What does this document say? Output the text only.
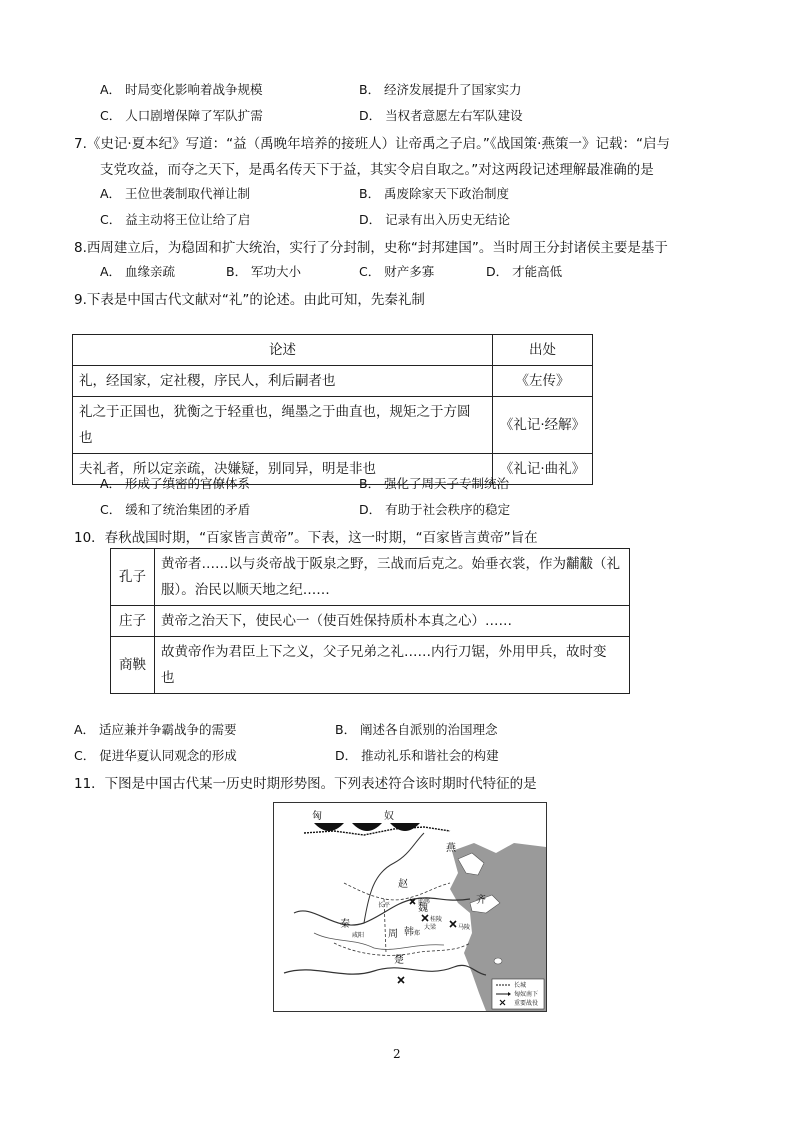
A． 时局变化影响着战争规模	B． 经济发展提升了国家实力
C． 人口剧增保障了军队扩需	D． 当权者意愿左右军队建设
7.《史记·夏本纪》写道：“益（禹晚年培养的接班人）让帝禹之子启。”《战国策·燕策一》记载：“启与
支党攻益，而夺之天下，是禹名传天下于益，其实令启自取之。”对这两段记述理解最准确的是
A． 王位世袭制取代禅让制	B． 禹废除家天下政治制度
C． 益主动将王位让给了启	D． 记录有出入历史无结论
8.西周建立后，为稳固和扩大统治，实行了分封制，史称“封邦建国”。当时周王分封诸侯主要是基于
A． 血缘亲疏	B． 军功大小	C． 财产多寡	D． 才能高低
9.下表是中国古代文献对“礼”的论述。由此可知，先秦礼制
论述	出处
礼，经国家，定社稷，序民人，利后嗣者也	《左传》
礼之于正国也，犹衡之于轻重也，绳墨之于曲直也，规矩之于方圆
也	《礼记·经解》
夫礼者，所以定亲疏，决嫌疑，别同异，明是非也	《礼记·曲礼》
A． 形成了缜密的官僚体系	B． 强化了周天子专制统治
C． 缓和了统治集团的矛盾	D． 有助于社会秩序的稳定
10．春秋战国时期，“百家皆言黄帝”。下表，这一时期，“百家皆言黄帝”旨在
孔子	黄帝者……以与炎帝战于阪泉之野，三战而后克之。始垂衣裳，作为黼黻（礼
服）。治民以顺天地之纪……
庄子	黄帝之治天下，使民心一（使百姓保持质朴本真之心）……
商鞅	故黄帝作为君臣上下之义，父子兄弟之礼……内行刀锯，外用甲兵，故时变
也
A． 适应兼并争霸战争的需要	B． 阐述各自派别的治国理念
C． 促进华夏认同观念的形成	D． 推动礼乐和谐社会的构建
11．下图是中国古代某一历史时期形势图。下列表述符合该时期时代特征的是
匈	奴
燕
赵
齐
秦
韩
周
魏
楚
咸阳
长平
邯郸
大梁
郑
马陵
桂陵
长城
匈奴南下
重要战役
2
